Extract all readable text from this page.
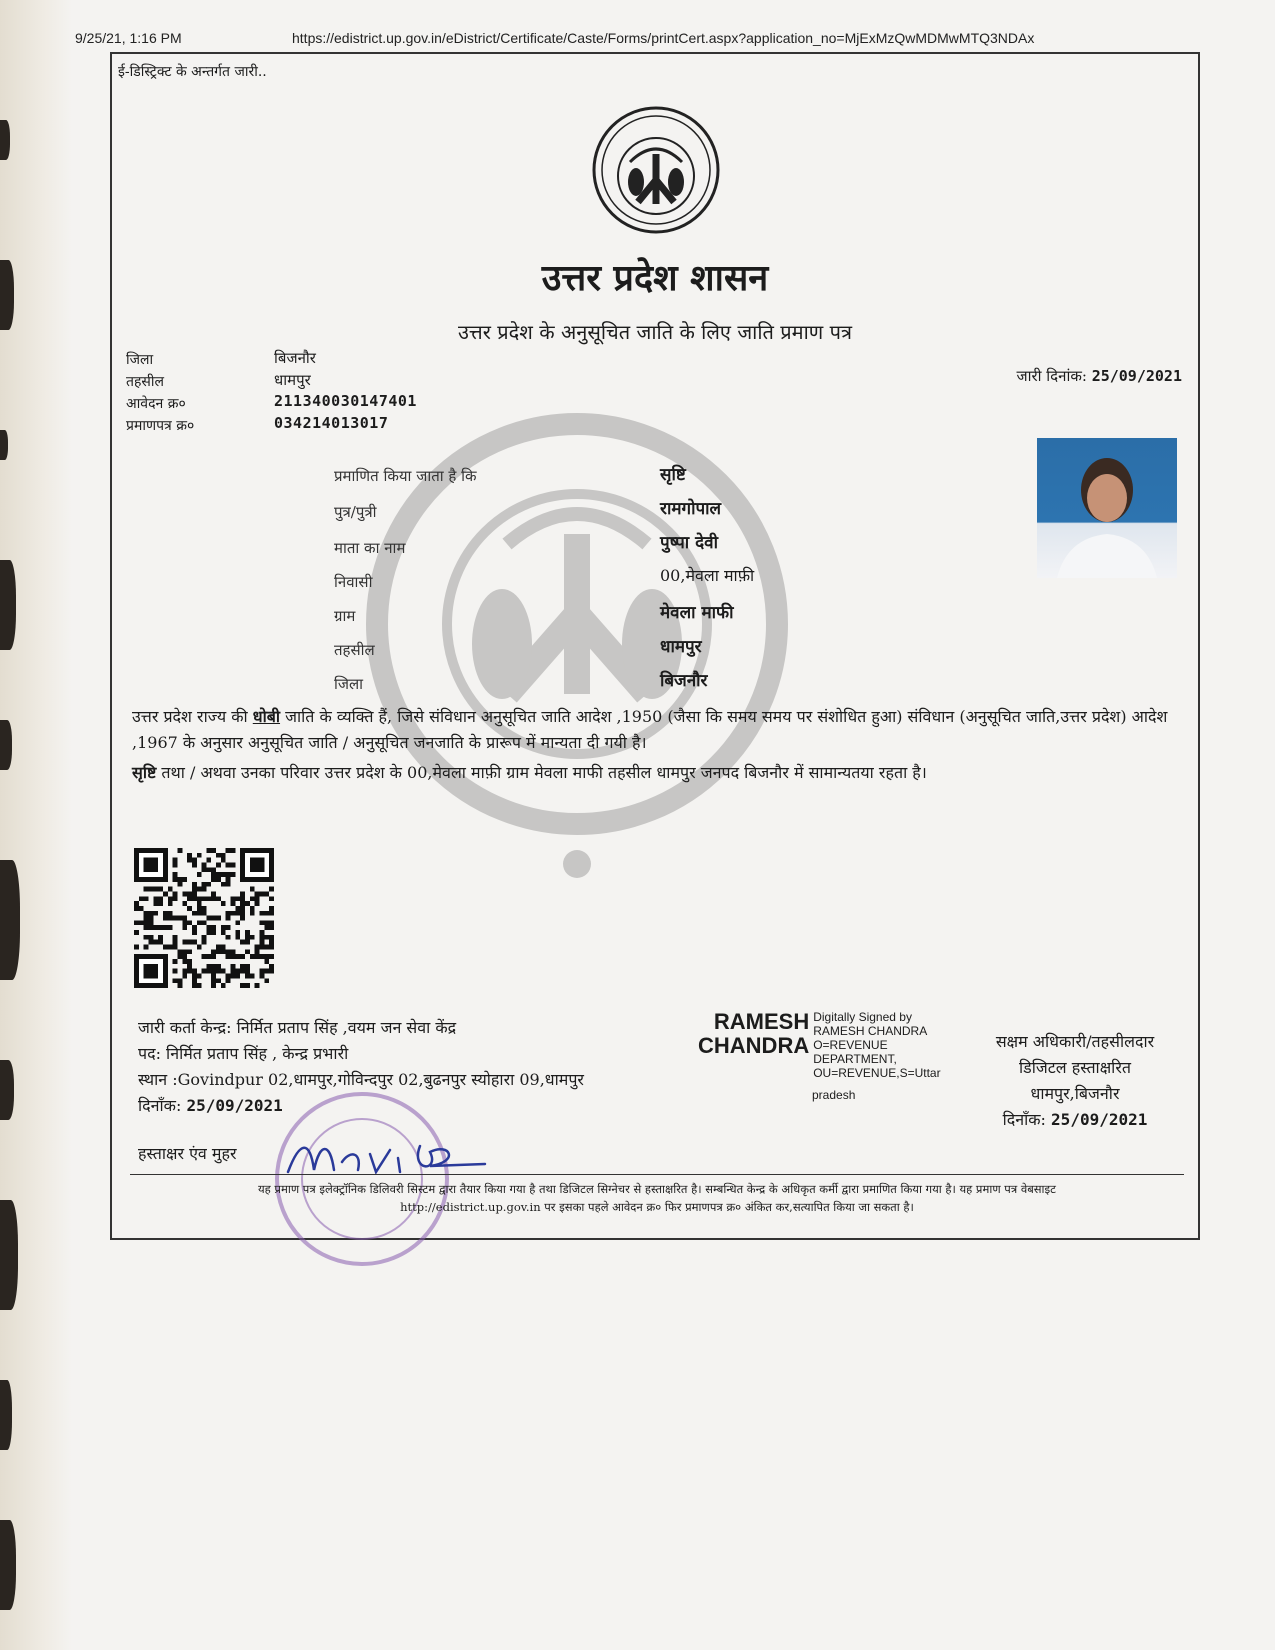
9/25/21, 1:16 PM	https://edistrict.up.gov.in/eDistrict/Certificate/Caste/Forms/printCert.aspx?application_no=MjExMzQwMDMwMTQ3NDAx
ई-डिस्ट्रिक्ट के अन्तर्गत जारी..
उत्तर प्रदेश शासन
उत्तर प्रदेश के अनुसूचित जाति के लिए जाति प्रमाण पत्र
जिला	बिजनौर
तहसील	धामपुर
आवेदन क्र०	211340030147401
प्रमाणपत्र क्र०	034214013017
जारी दिनांक: 25/09/2021
प्रमाणित किया जाता है कि	सृष्टि
पुत्र/पुत्री	रामगोपाल
माता का नाम	पुष्पा देवी
निवासी	00,मेवला माफ़ी
ग्राम	मेवला माफी
तहसील	धामपुर
जिला	बिजनौर
उत्तर प्रदेश राज्य की धोबी जाति के व्यक्ति हैं, जिसे संविधान अनुसूचित जाति आदेश ,1950 (जैसा कि समय समय पर संशोधित हुआ) संविधान (अनुसूचित जाति,उत्तर प्रदेश) आदेश ,1967 के अनुसार अनुसूचित जाति / अनुसूचित जनजाति के प्रारूप में मान्यता दी गयी है।
सृष्टि तथा / अथवा उनका परिवार उत्तर प्रदेश के 00,मेवला माफ़ी ग्राम मेवला माफी तहसील धामपुर जनपद बिजनौर में सामान्यतया रहता है।
जारी कर्ता केन्द्र: निर्मित प्रताप सिंह ,वयम जन सेवा केंद्र
पद: निर्मित प्रताप सिंह , केन्द्र प्रभारी
स्थान :Govindpur 02,धामपुर,गोविन्दपुर 02,बुढनपुर स्योहारा 09,धामपुर
दिनाँक: 25/09/2021
हस्ताक्षर एंव मुहर
RAMESH
CHANDRA
Digitally Signed by
RAMESH CHANDRA
O=REVENUE
DEPARTMENT,
OU=REVENUE,S=Uttar
pradesh
सक्षम अधिकारी/तहसीलदार
डिजिटल हस्ताक्षरित
धामपुर,बिजनौर
दिनाँक: 25/09/2021
यह प्रमाण पत्र इलेक्ट्रॉनिक डिलिवरी सिस्टम द्वारा तैयार किया गया है तथा डिजिटल सिग्नेचर से हस्ताक्षरित है। सम्बन्धित केन्द्र के अधिकृत कर्मी द्वारा प्रमाणित किया गया है। यह प्रमाण पत्र वेबसाइट
http://edistrict.up.gov.in पर इसका पहले आवेदन क्र० फिर प्रमाणपत्र क्र० अंकित कर,सत्यापित किया जा सकता है।
